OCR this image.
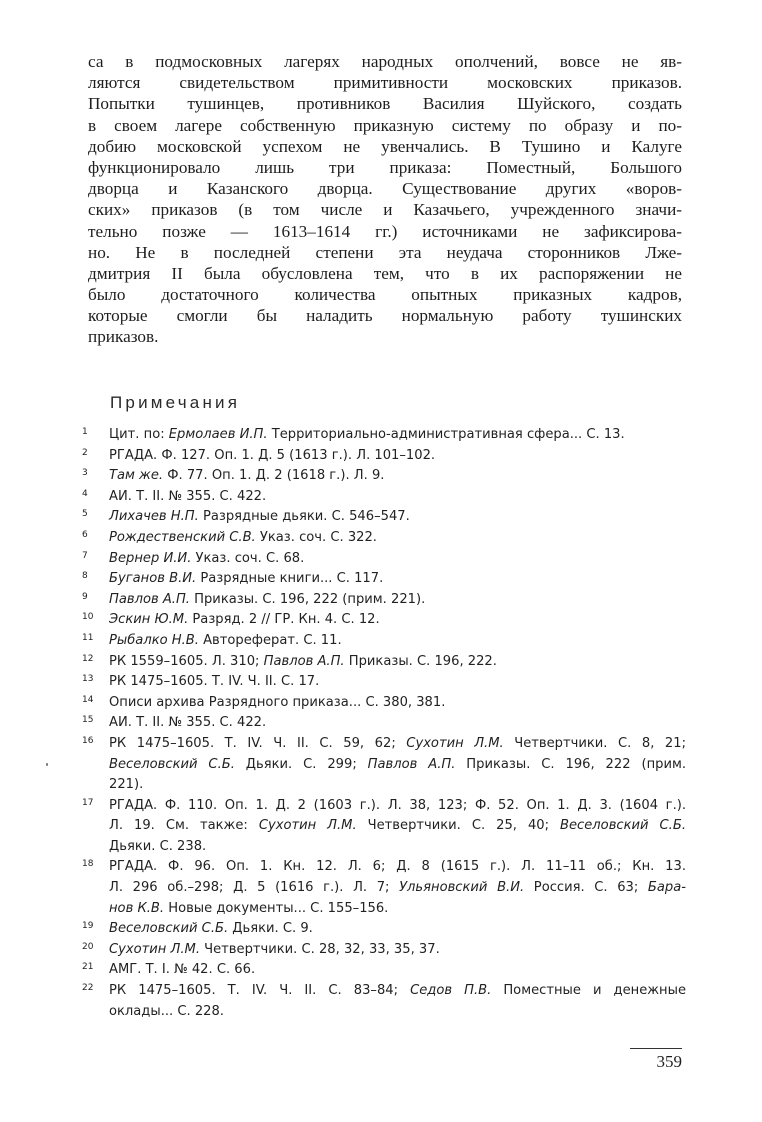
са в подмосковных лагерях народных ополчений, вовсе не яв-
ляются свидетельством примитивности московских приказов.
Попытки тушинцев, противников Василия Шуйского, создать
в своем лагере собственную приказную систему по образу и по-
добию московской успехом не увенчались. В Тушино и Калуге
функционировало лишь три приказа: Поместный, Большого
дворца и Казанского дворца. Существование других «воров-
ских» приказов (в том числе и Казачьего, учрежденного значи-
тельно позже — 1613–1614 гг.) источниками не зафиксирова-
но. Не в последней степени эта неудача сторонников Лже-
дмитрия II была обусловлена тем, что в их распоряжении не
было достаточного количества опытных приказных кадров,
которые смогли бы наладить нормальную работу тушинских
приказов.
Примечания
1	Цит. по: Ермолаев И.П. Территориально-административная сфера... С. 13.
2	РГАДА. Ф. 127. Оп. 1. Д. 5 (1613 г.). Л. 101–102.
3	Там же. Ф. 77. Оп. 1. Д. 2 (1618 г.). Л. 9.
4	АИ. Т. II. № 355. С. 422.
5	Лихачев Н.П. Разрядные дьяки. С. 546–547.
6	Рождественский С.В. Указ. соч. С. 322.
7	Вернер И.И. Указ. соч. С. 68.
8	Буганов В.И. Разрядные книги... С. 117.
9	Павлов А.П. Приказы. С. 196, 222 (прим. 221).
10	Эскин Ю.М. Разряд. 2 // ГР. Кн. 4. С. 12.
11	Рыбалко Н.В. Автореферат. С. 11.
12	РК 1559–1605. Л. 310; Павлов А.П. Приказы. С. 196, 222.
13	РК 1475–1605. Т. IV. Ч. II. С. 17.
14	Описи архива Разрядного приказа... С. 380, 381.
15	АИ. Т. II. № 355. С. 422.
16	РК 1475–1605. Т. IV. Ч. II. С. 59, 62; Сухотин Л.М. Четвертчики. С. 8, 21;
Веселовский С.Б. Дьяки. С. 299; Павлов А.П. Приказы. С. 196, 222 (прим.
221).
17	РГАДА. Ф. 110. Оп. 1. Д. 2 (1603 г.). Л. 38, 123; Ф. 52. Оп. 1. Д. 3. (1604 г.).
Л. 19. См. также: Сухотин Л.М. Четвертчики. С. 25, 40; Веселовский С.Б.
Дьяки. С. 238.
18	РГАДА. Ф. 96. Оп. 1. Кн. 12. Л. 6; Д. 8 (1615 г.). Л. 11–11 об.; Кн. 13.
Л. 296 об.–298; Д. 5 (1616 г.). Л. 7; Ульяновский В.И. Россия. С. 63; Бара-
нов К.В. Новые документы... С. 155–156.
19	Веселовский С.Б. Дьяки. С. 9.
20	Сухотин Л.М. Четвертчики. С. 28, 32, 33, 35, 37.
21	АМГ. Т. I. № 42. С. 66.
22	РК 1475–1605. Т. IV. Ч. II. С. 83–84; Седов П.В. Поместные и денежные
оклады... С. 228.
359
